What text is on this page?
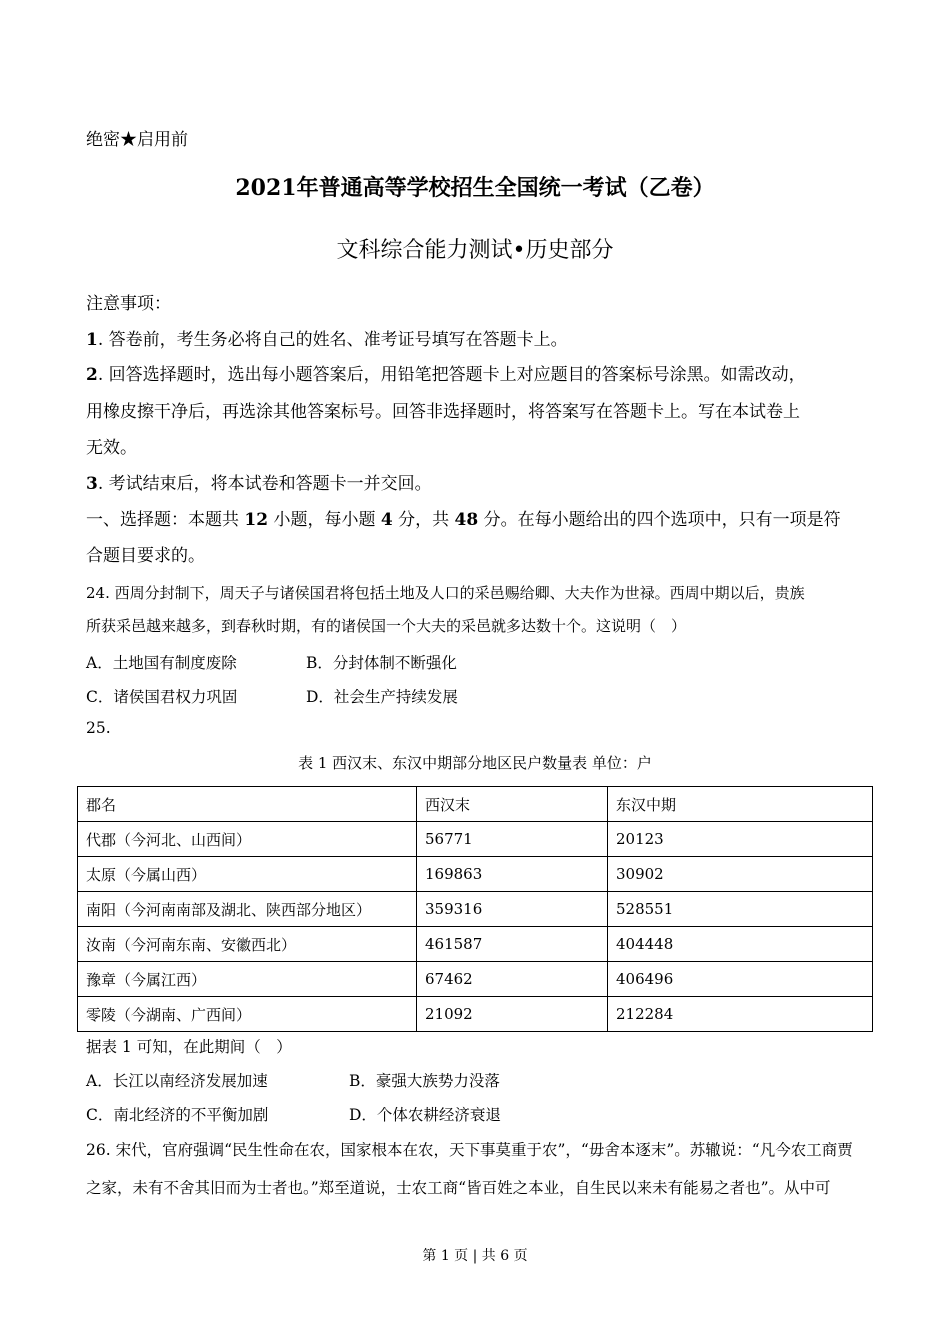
绝密★启用前
2021年普通高等学校招生全国统一考试（乙卷）
文科综合能力测试•历史部分
注意事项：
1. 答卷前，考生务必将自己的姓名、准考证号填写在答题卡上。
2. 回答选择题时，选出每小题答案后，用铅笔把答题卡上对应题目的答案标号涂黑。如需改动，
用橡皮擦干净后，再选涂其他答案标号。回答非选择题时，将答案写在答题卡上。写在本试卷上
无效。
3. 考试结束后，将本试卷和答题卡一并交回。
一、选择题：本题共 12 小题，每小题 4 分，共 48 分。在每小题给出的四个选项中，只有一项是符
合题目要求的。
24. 西周分封制下，周天子与诸侯国君将包括土地及人口的采邑赐给卿、大夫作为世禄。西周中期以后，贵族
所获采邑越来越多，到春秋时期，有的诸侯国一个大夫的采邑就多达数十个。这说明（　）
A．土地国有制度废除	B．分封体制不断强化
C．诸侯国君权力巩固	D．社会生产持续发展
25.
表 1 西汉末、东汉中期部分地区民户数量表 单位：户
郡名	西汉末	东汉中期
代郡（今河北、山西间）	56771	20123
太原（今属山西）	169863	30902
南阳（今河南南部及湖北、陕西部分地区）	359316	528551
汝南（今河南东南、安徽西北）	461587	404448
豫章（今属江西）	67462	406496
零陵（今湖南、广西间）	21092	212284
据表 1 可知，在此期间（　）
A．长江以南经济发展加速	B．豪强大族势力没落
C．南北经济的不平衡加剧	D．个体农耕经济衰退
26. 宋代，官府强调“民生性命在农，国家根本在农，天下事莫重于农”，“毋舍本逐末”。苏辙说：“凡今农工商贾
之家，未有不舍其旧而为士者也。”郑至道说，士农工商“皆百姓之本业，自生民以来未有能易之者也”。从中可
第 1 页 | 共 6 页
